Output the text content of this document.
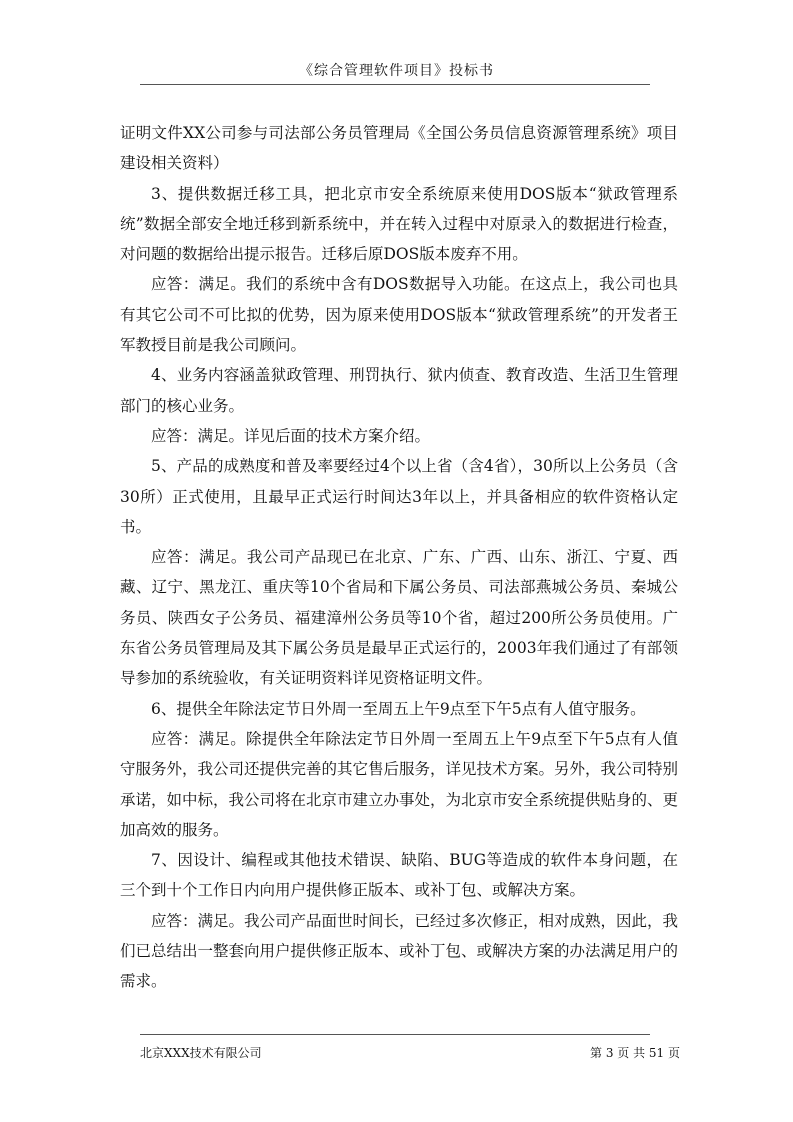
《综合管理软件项目》投标书

证明文件XX公司参与司法部公务员管理局《全国公务员信息资源管理系统》项目建设相关资料）

3、提供数据迁移工具，把北京市安全系统原来使用DOS版本“狱政管理系统”数据全部安全地迁移到新系统中，并在转入过程中对原录入的数据进行检查，对问题的数据给出提示报告。迁移后原DOS版本废弃不用。

应答：满足。我们的系统中含有DOS数据导入功能。在这点上，我公司也具有其它公司不可比拟的优势，因为原来使用DOS版本“狱政管理系统”的开发者王军教授目前是我公司顾问。

4、业务内容涵盖狱政管理、刑罚执行、狱内侦查、教育改造、生活卫生管理部门的核心业务。

应答：满足。详见后面的技术方案介绍。

5、产品的成熟度和普及率要经过4个以上省（含4省），30所以上公务员（含30所）正式使用，且最早正式运行时间达3年以上，并具备相应的软件资格认定书。

应答：满足。我公司产品现已在北京、广东、广西、山东、浙江、宁夏、西藏、辽宁、黑龙江、重庆等10个省局和下属公务员、司法部燕城公务员、秦城公务员、陕西女子公务员、福建漳州公务员等10个省，超过200所公务员使用。广东省公务员管理局及其下属公务员是最早正式运行的，2003年我们通过了有部领导参加的系统验收，有关证明资料详见资格证明文件。

6、提供全年除法定节日外周一至周五上午9点至下午5点有人值守服务。

应答：满足。除提供全年除法定节日外周一至周五上午9点至下午5点有人值守服务外，我公司还提供完善的其它售后服务，详见技术方案。另外，我公司特别承诺，如中标，我公司将在北京市建立办事处，为北京市安全系统提供贴身的、更加高效的服务。

7、因设计、编程或其他技术错误、缺陷、BUG等造成的软件本身问题，在三个到十个工作日内向用户提供修正版本、或补丁包、或解决方案。

应答：满足。我公司产品面世时间长，已经过多次修正，相对成熟，因此，我们已总结出一整套向用户提供修正版本、或补丁包、或解决方案的办法满足用户的需求。

北京XXX技术有限公司	第 3 页 共 51 页
